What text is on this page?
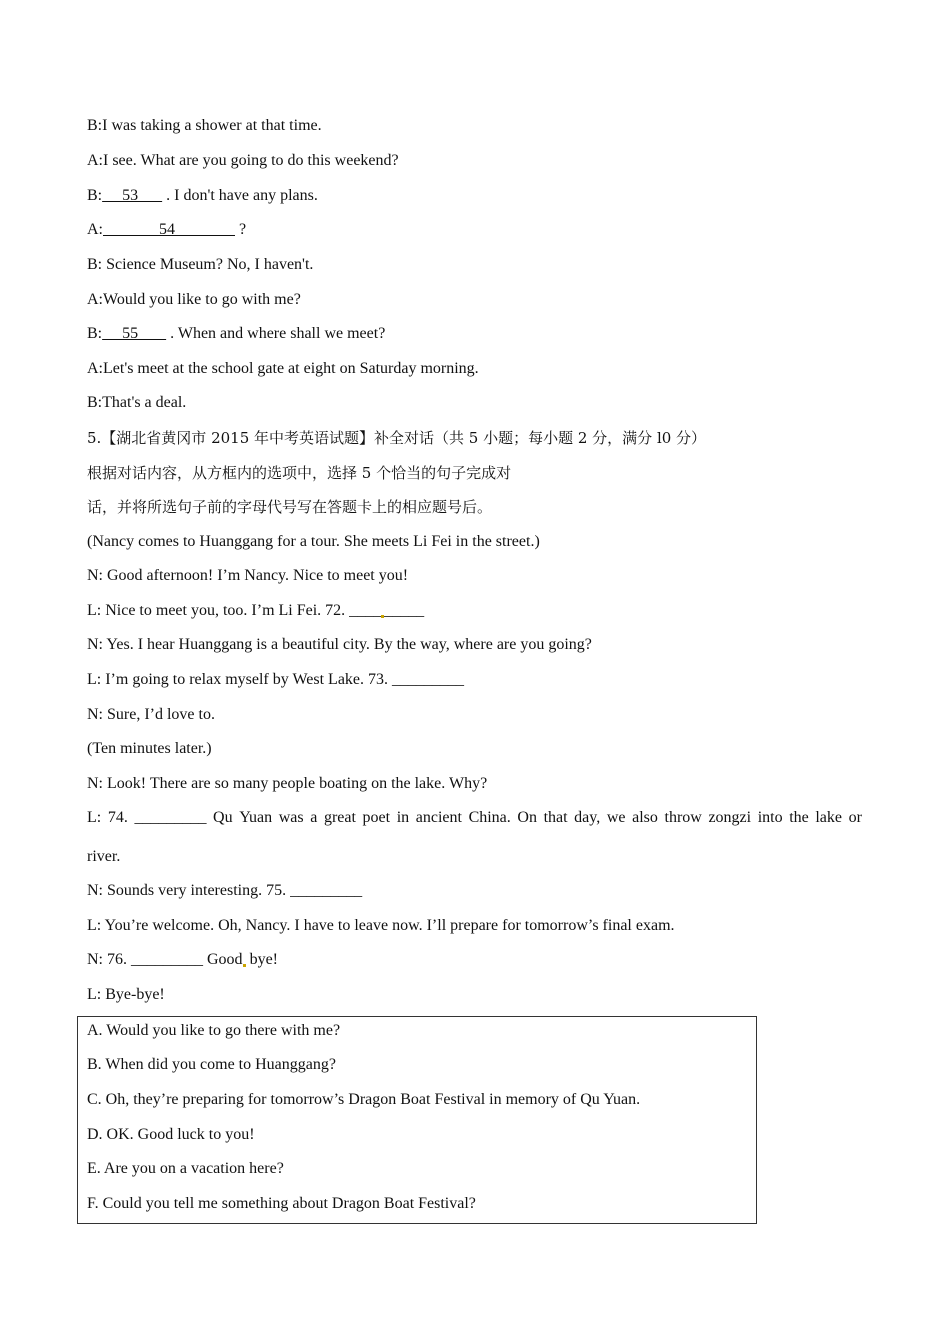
B:I was taking a shower at that time.
A:I see. What are you going to do this weekend?
B:     53       . I don't have any plans.
A:              54                ?
B: Science Museum? No, I haven't.
A:Would you like to go with me?
B:     55        . When and where shall we meet?
A:Let's meet at the school gate at eight on Saturday morning.
B:That's a deal.
5.【湖北省黄冈市 2015 年中考英语试题】补全对话（共 5 小题；每小题 2 分，满分 l0 分）
根据对话内容，从方框内的选项中，选择 5 个恰当的句子完成对
话，并将所选句子前的字母代号写在答题卡上的相应题号后。
(Nancy comes to Huanggang for a tour. She meets Li Fei in the street.)
N: Good afternoon! I’m Nancy. Nice to meet you!
L: Nice to meet you, too. I’m Li Fei. 72. ____ _____
N: Yes. I hear Huanggang is a beautiful city. By the way, where are you going?
L: I’m going to relax myself by West Lake. 73. _________
N: Sure, I’d love to.
(Ten minutes later.)
N: Look! There are so many people boating on the lake. Why?
L: 74. _________ Qu Yuan was a great poet in ancient China. On that day, we also throw zongzi into the lake or
river.
N: Sounds very interesting. 75. _________
L: You’re welcome. Oh, Nancy. I have to leave now. I’ll prepare for tomorrow’s final exam.
N: 76. _________ Good bye!
L: Bye-bye!
A. Would you like to go there with me?
B. When did you come to Huanggang?
C. Oh, they’re preparing for tomorrow’s Dragon Boat Festival in memory of Qu Yuan.
D. OK. Good luck to you!
E. Are you on a vacation here?
F. Could you tell me something about Dragon Boat Festival?
